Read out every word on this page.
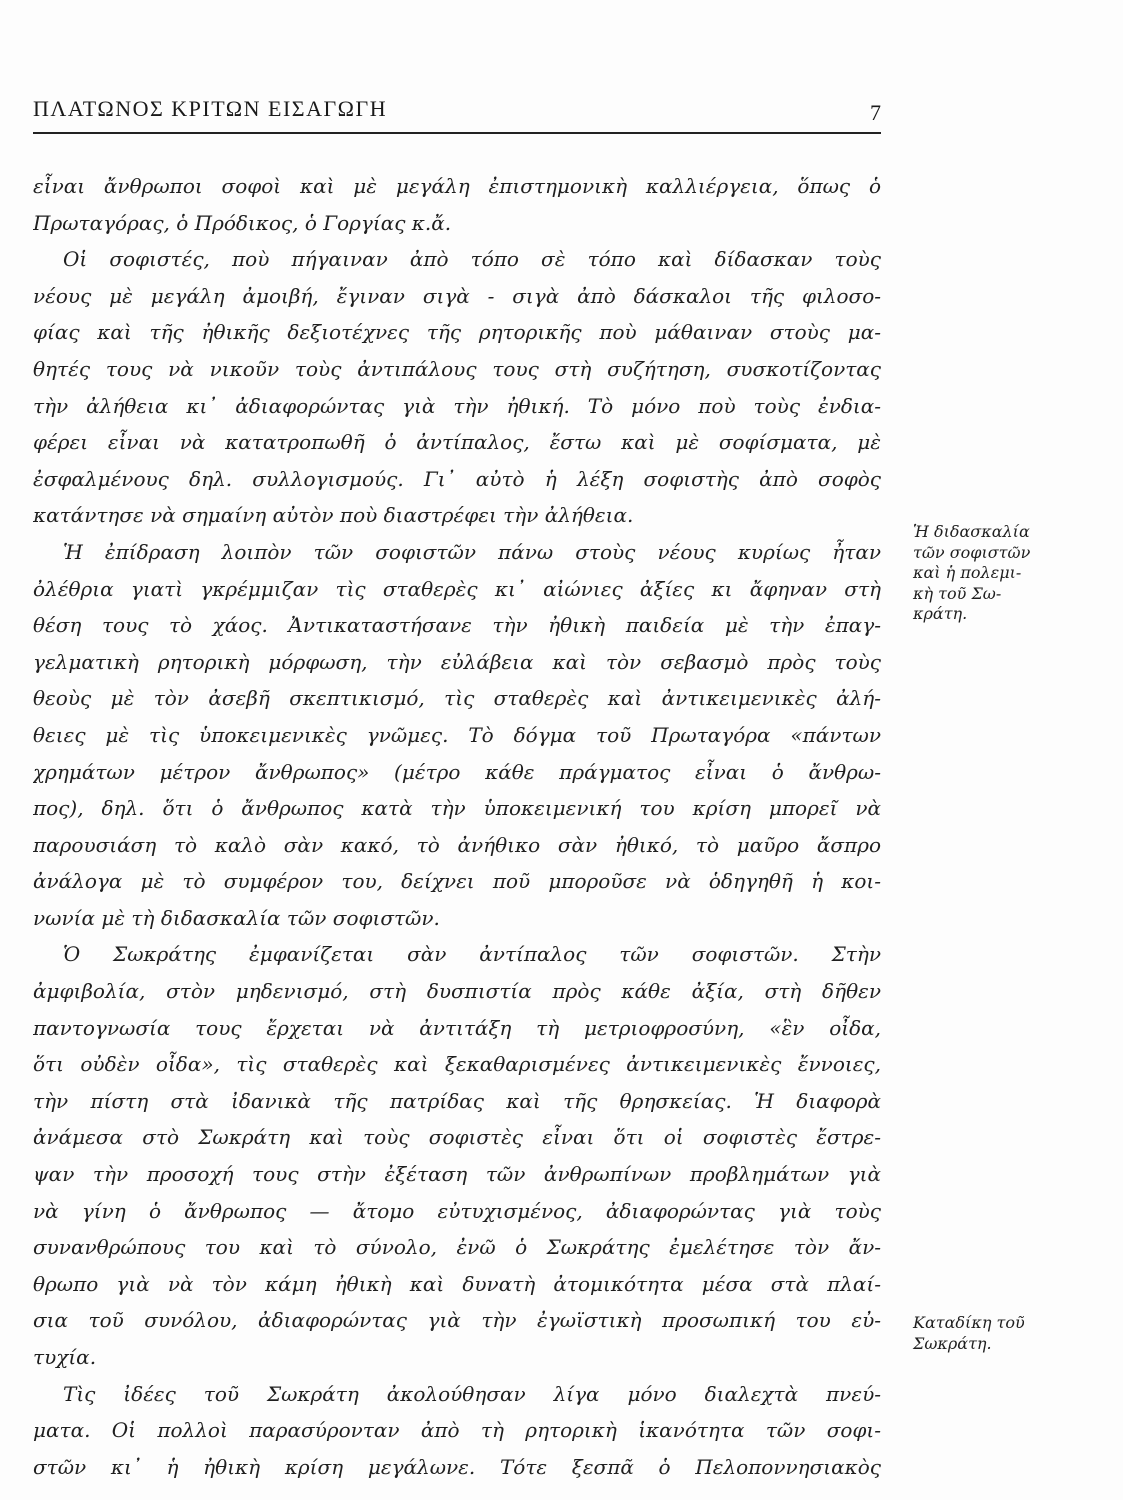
ΠΛΑΤΩΝΟΣ ΚΡΙΤΩΝ ΕΙΣΑΓΩΓΗ	7
εἶναι ἄνθρωποι σοφοὶ καὶ μὲ μεγάλη ἐπιστημονικὴ καλλιέργεια, ὅπως ὁ
Πρωταγόρας, ὁ Πρόδικος, ὁ Γοργίας κ.ἄ.
Οἱ σοφιστές, ποὺ πήγαιναν ἀπὸ τόπο σὲ τόπο καὶ δίδασκαν τοὺς
νέους μὲ μεγάλη ἀμοιβή, ἔγιναν σιγὰ - σιγὰ ἀπὸ δάσκαλοι τῆς φιλοσο-
φίας καὶ τῆς ἠθικῆς δεξιοτέχνες τῆς ρητορικῆς ποὺ μάθαιναν στοὺς μα-
θητές τους νὰ νικοῦν τοὺς ἀντιπάλους τους στὴ συζήτηση, συσκοτίζοντας
τὴν ἀλήθεια κι᾿ ἀδιαφορώντας γιὰ τὴν ἠθική. Τὸ μόνο ποὺ τοὺς ἐνδια-
φέρει εἶναι νὰ κατατροπωθῆ ὁ ἀντίπαλος, ἔστω καὶ μὲ σοφίσματα, μὲ
ἐσφαλμένους δηλ. συλλογισμούς. Γι᾿ αὐτὸ ἡ λέξη σοφιστὴς ἀπὸ σοφὸς
κατάντησε νὰ σημαίνη αὐτὸν ποὺ διαστρέφει τὴν ἀλήθεια.
Ἡ ἐπίδραση λοιπὸν τῶν σοφιστῶν πάνω στοὺς νέους κυρίως ἦταν
ὀλέθρια γιατὶ γκρέμμιζαν τὶς σταθερὲς κι᾿ αἰώνιες ἀξίες κι ἄφηναν στὴ
θέση τους τὸ χάος. Ἀντικαταστήσανε τὴν ἠθικὴ παιδεία μὲ τὴν ἐπαγ-
γελματικὴ ρητορικὴ μόρφωση, τὴν εὐλάβεια καὶ τὸν σεβασμὸ πρὸς τοὺς
θεοὺς μὲ τὸν ἀσεβῆ σκεπτικισμό, τὶς σταθερὲς καὶ ἀντικειμενικὲς ἀλή-
θειες μὲ τὶς ὑποκειμενικὲς γνῶμες. Τὸ δόγμα τοῦ Πρωταγόρα «πάντων
χρημάτων μέτρον ἄνθρωπος» (μέτρο κάθε πράγματος εἶναι ὁ ἄνθρω-
πος), δηλ. ὅτι ὁ ἄνθρωπος κατὰ τὴν ὑποκειμενική του κρίση μπορεῖ νὰ
παρουσιάση τὸ καλὸ σὰν κακό, τὸ ἀνήθικο σὰν ἠθικό, τὸ μαῦρο ἄσπρο
ἀνάλογα μὲ τὸ συμφέρον του, δείχνει ποῦ μποροῦσε νὰ ὁδηγηθῆ ἡ κοι-
νωνία μὲ τὴ διδασκαλία τῶν σοφιστῶν.
Ὁ Σωκράτης ἐμφανίζεται σὰν ἀντίπαλος τῶν σοφιστῶν. Στὴν
ἀμφιβολία, στὸν μηδενισμό, στὴ δυσπιστία πρὸς κάθε ἀξία, στὴ δῆθεν
παντογνωσία τους ἔρχεται νὰ ἀντιτάξη τὴ μετριοφροσύνη, «ἓν οἶδα,
ὅτι οὐδὲν οἶδα», τὶς σταθερὲς καὶ ξεκαθαρισμένες ἀντικειμενικὲς ἔννοιες,
τὴν πίστη στὰ ἰδανικὰ τῆς πατρίδας καὶ τῆς θρησκείας. Ἡ διαφορὰ
ἀνάμεσα στὸ Σωκράτη καὶ τοὺς σοφιστὲς εἶναι ὅτι οἱ σοφιστὲς ἔστρε-
ψαν τὴν προσοχή τους στὴν ἐξέταση τῶν ἀνθρωπίνων προβλημάτων γιὰ
νὰ γίνη ὁ ἄνθρωπος — ἄτομο εὐτυχισμένος, ἀδιαφορώντας γιὰ τοὺς
συνανθρώπους του καὶ τὸ σύνολο, ἐνῶ ὁ Σωκράτης ἐμελέτησε τὸν ἄν-
θρωπο γιὰ νὰ τὸν κάμη ἠθικὴ καὶ δυνατὴ ἀτομικότητα μέσα στὰ πλαί-
σια τοῦ συνόλου, ἀδιαφορώντας γιὰ τὴν ἐγωϊστικὴ προσωπική του εὐ-
τυχία.
Τὶς ἰδέες τοῦ Σωκράτη ἀκολούθησαν λίγα μόνο διαλεχτὰ πνεύ-
ματα. Οἱ πολλοὶ παρασύρονταν ἀπὸ τὴ ρητορικὴ ἱκανότητα τῶν σοφι-
στῶν κι᾿ ἡ ἠθικὴ κρίση μεγάλωνε. Τότε ξεσπᾶ ὁ Πελοποννησιακὸς
Ἡ διδασκαλία
τῶν σοφιστῶν
καὶ ἡ πολεμι-
κὴ τοῦ Σω-
κράτη.
Καταδίκη τοῦ
Σωκράτη.
